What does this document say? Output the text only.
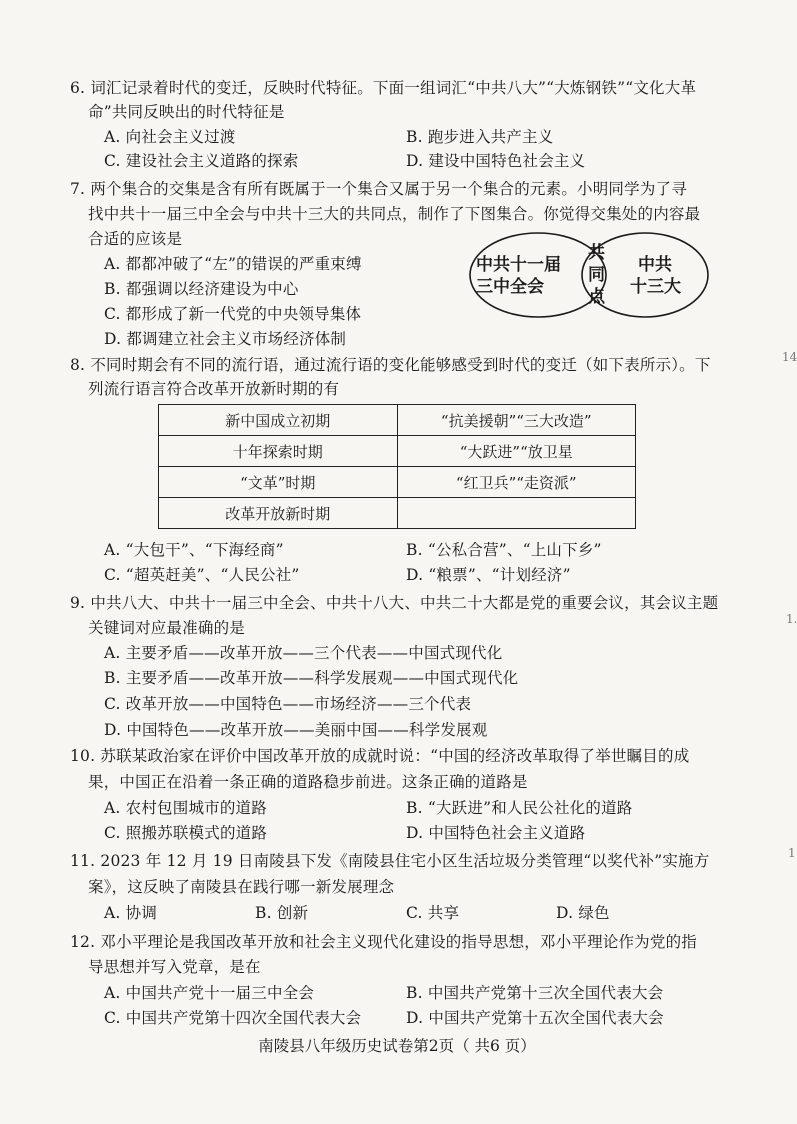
6. 词汇记录着时代的变迁，反映时代特征。下面一组词汇“中共八大”“大炼钢铁”“文化大革
命”共同反映出的时代特征是
A. 向社会主义过渡	B. 跑步进入共产主义
C. 建设社会主义道路的探索	D. 建设中国特色社会主义
7. 两个集合的交集是含有所有既属于一个集合又属于另一个集合的元素。小明同学为了寻
找中共十一届三中全会与中共十三大的共同点，制作了下图集合。你觉得交集处的内容最
合适的应该是
A. 都都冲破了“左”的错误的严重束缚
B. 都强调以经济建设为中心
C. 都形成了新一代党的中央领导集体
D. 都调建立社会主义市场经济体制
中共十一届
三中全会
共
同
点
中共
十三大
8. 不同时期会有不同的流行语，通过流行语的变化能够感受到时代的变迁（如下表所示）。下
列流行语言符合改革开放新时期的有
新中国成立初期	“抗美援朝”“三大改造”
十年探索时期	“大跃进”“放卫星
“文革”时期	“红卫兵”“走资派”
改革开放新时期	
A. “大包干”、“下海经商”	B. “公私合营”、“上山下乡”
C. “超英赶美”、“人民公社”	D. “粮票”、“计划经济”
9. 中共八大、中共十一届三中全会、中共十八大、中共二十大都是党的重要会议，其会议主题
关键词对应最准确的是
A. 主要矛盾——改革开放——三个代表——中国式现代化
B. 主要矛盾——改革开放——科学发展观——中国式现代化
C. 改革开放——中国特色——市场经济——三个代表
D. 中国特色——改革开放——美丽中国——科学发展观
10. 苏联某政治家在评价中国改革开放的成就时说：“中国的经济改革取得了举世瞩目的成
果，中国正在沿着一条正确的道路稳步前进。这条正确的道路是
A. 农村包围城市的道路	B. “大跃进”和人民公社化的道路
C. 照搬苏联模式的道路	D. 中国特色社会主义道路
11. 2023 年 12 月 19 日南陵县下发《南陵县住宅小区生活垃圾分类管理“以奖代补”实施方
案》，这反映了南陵县在践行哪一新发展理念
A. 协调	B. 创新	C. 共享	D. 绿色
12. 邓小平理论是我国改革开放和社会主义现代化建设的指导思想，邓小平理论作为党的指
导思想并写入党章，是在
A. 中国共产党十一届三中全会	B. 中国共产党第十三次全国代表大会
C. 中国共产党第十四次全国代表大会	D. 中国共产党第十五次全国代表大会
南陵县八年级历史试卷第2页（ 共6 页）
14
1.
1
